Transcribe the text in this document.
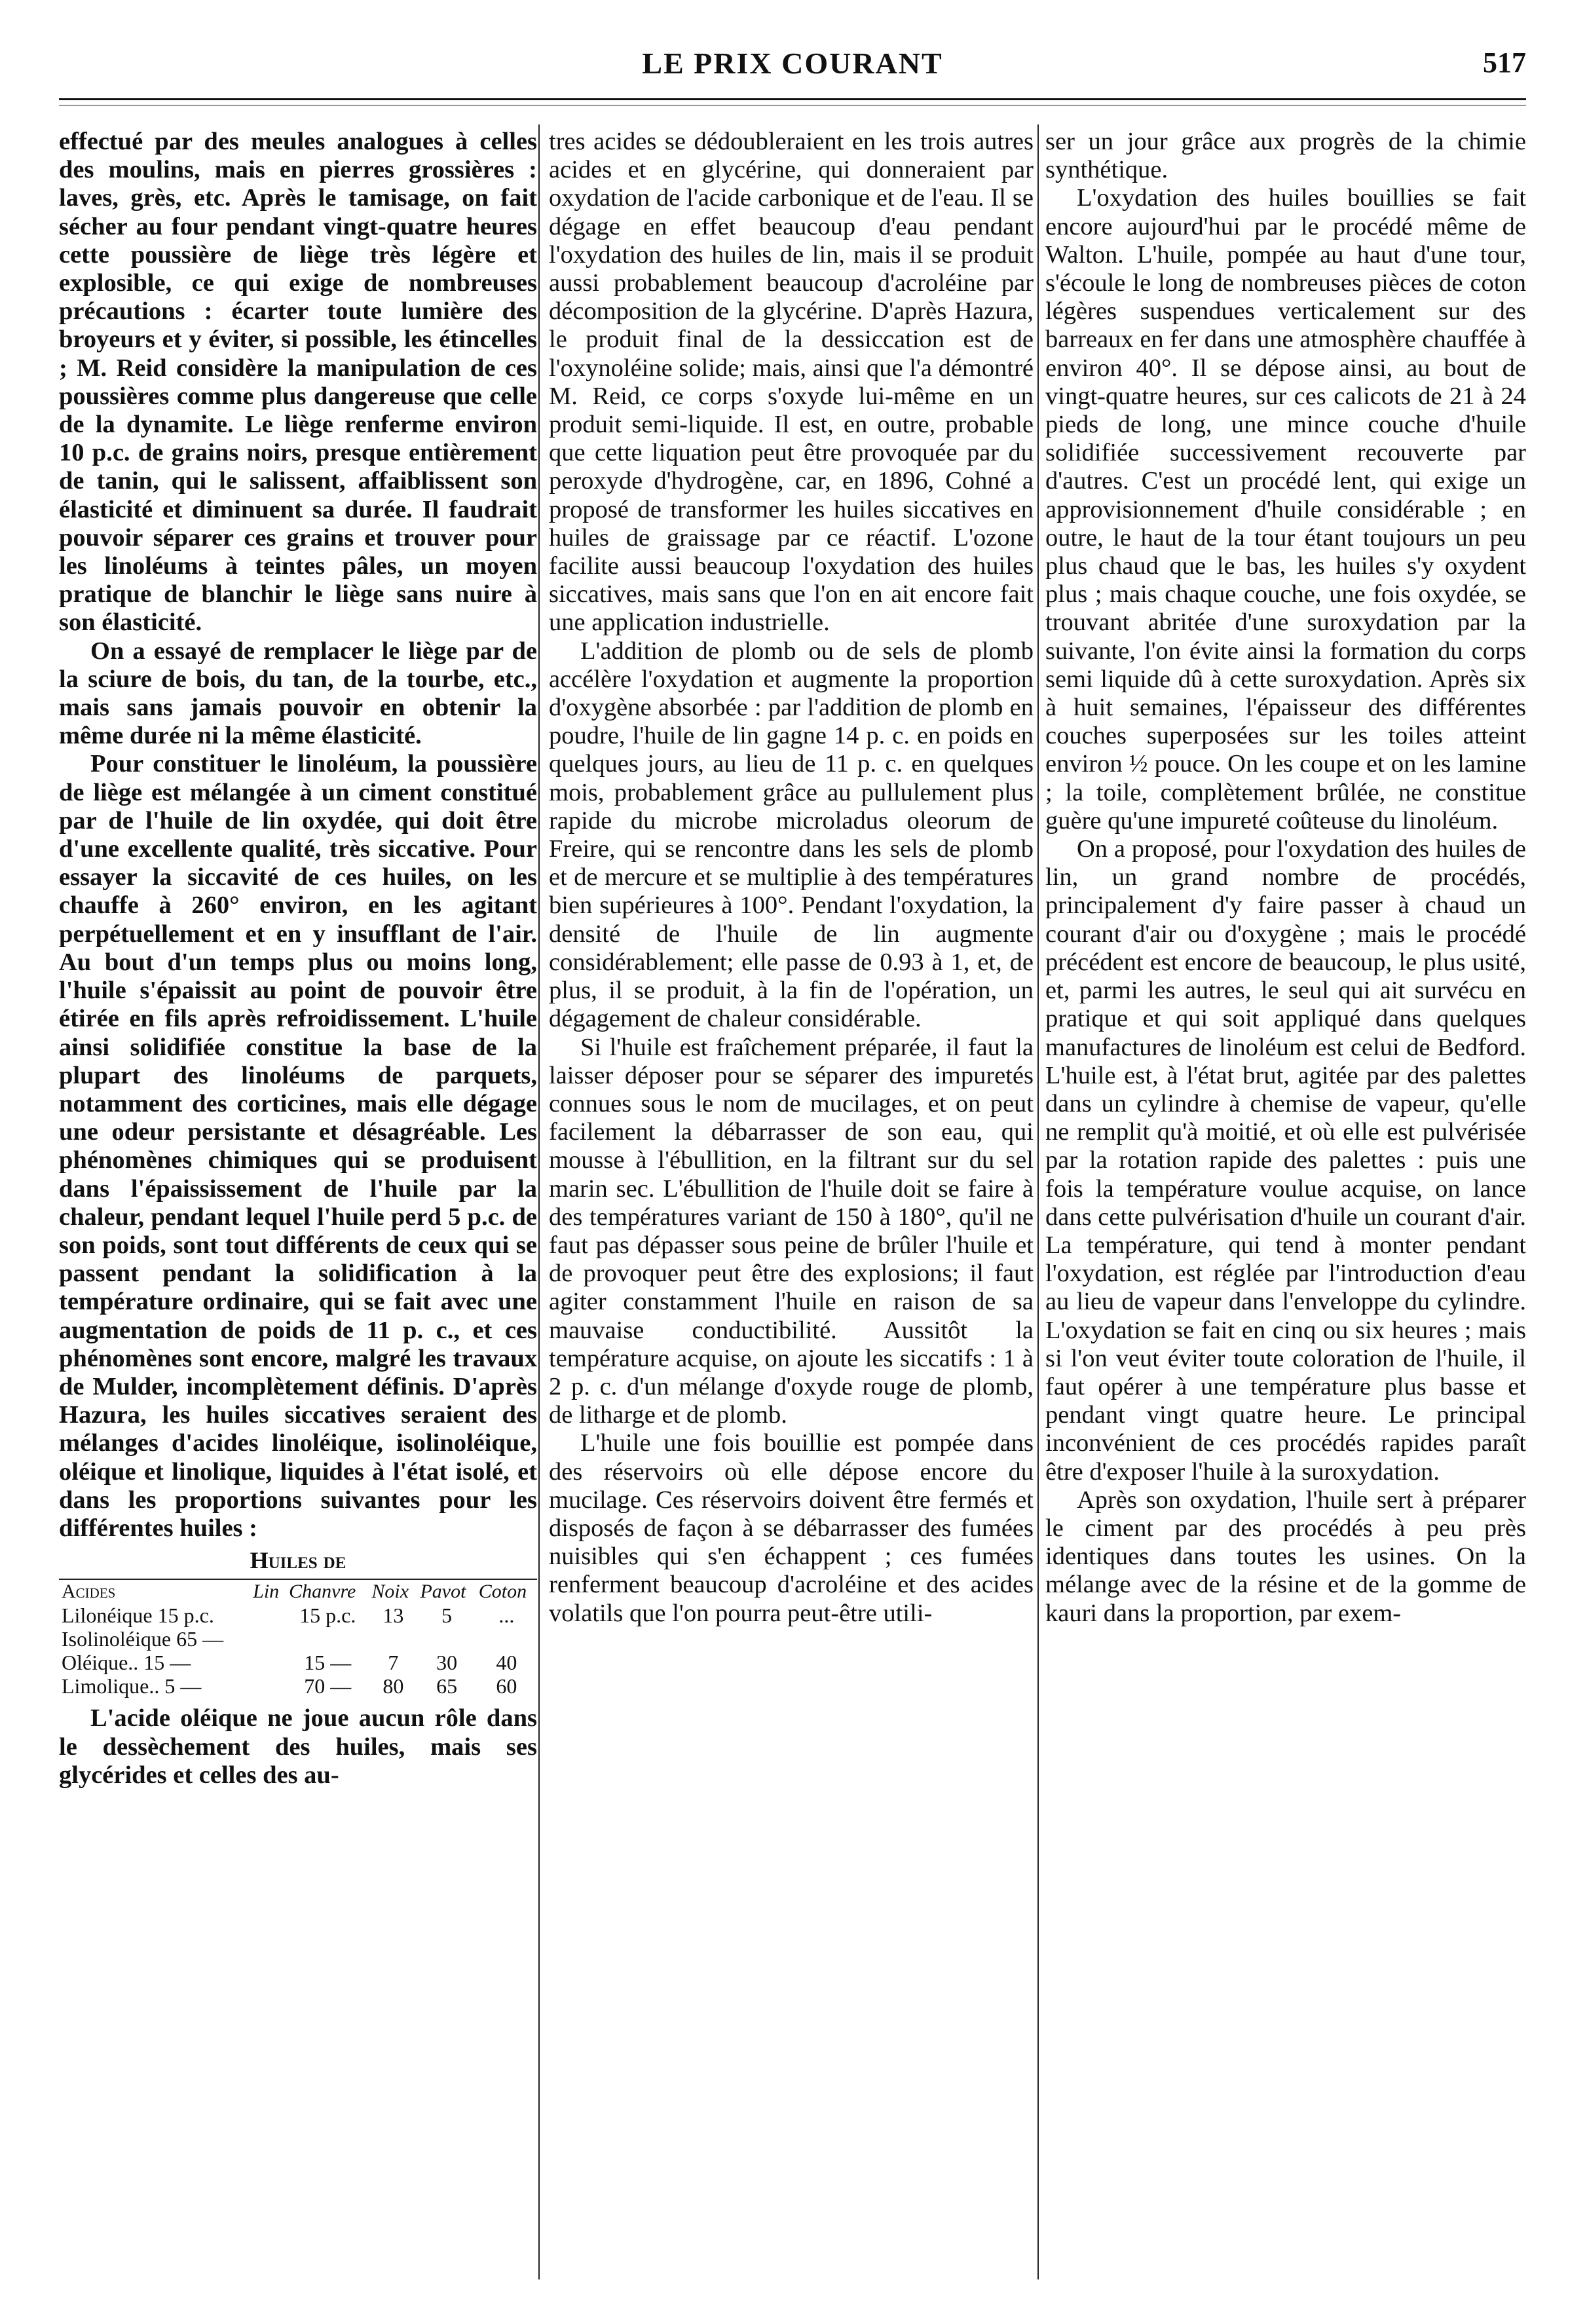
LE PRIX COURANT	517

effectué par des meules analogues à celles des moulins, mais en pierres grossières : laves, grès, etc. Après le tamisage, on fait sécher au four pendant vingt-quatre heures cette poussière de liège très légère et explosible, ce qui exige de nombreuses précautions : écarter toute lumière des broyeurs et y éviter, si possible, les étincelles ; M. Reid considère la manipulation de ces poussières comme plus dangereuse que celle de la dynamite. Le liège renferme environ 10 p.c. de grains noirs, presque entièrement de tanin, qui le salissent, affaiblissent son élasticité et diminuent sa durée. Il faudrait pouvoir séparer ces grains et trouver pour les linoléums à teintes pâles, un moyen pratique de blanchir le liège sans nuire à son élasticité.

On a essayé de remplacer le liège par de la sciure de bois, du tan, de la tourbe, etc., mais sans jamais pouvoir en obtenir la même durée ni la même élasticité.

Pour constituer le linoléum, la poussière de liège est mélangée à un ciment constitué par de l'huile de lin oxydée, qui doit être d'une excellente qualité, très siccative. Pour essayer la siccavité de ces huiles, on les chauffe à 260° environ, en les agitant perpétuellement et en y insufflant de l'air. Au bout d'un temps plus ou moins long, l'huile s'épaissit au point de pouvoir être étirée en fils après refroidissement. L'huile ainsi solidifiée constitue la base de la plupart des linoléums de parquets, notamment des corticines, mais elle dégage une odeur persistante et désagréable. Les phénomènes chimiques qui se produisent dans l'épaississement de l'huile par la chaleur, pendant lequel l'huile perd 5 p.c. de son poids, sont tout différents de ceux qui se passent pendant la solidification à la température ordinaire, qui se fait avec une augmentation de poids de 11 p. c., et ces phénomènes sont encore, malgré les travaux de Mulder, incomplètement définis. D'après Hazura, les huiles siccatives seraient des mélanges d'acides linoléique, isolinoléique, oléique et linolique, liquides à l'état isolé, et dans les proportions suivantes pour les différentes huiles :

Huiles de
Acides	Lin	Chanvre	Noix	Pavot	Coton
Lilonéique 15 p.c.		15 p.c.	13	5	...
Isolinoléique 65 —					
Oléique.. 15 —		15 —	7	30	40
Limolique.. 5 —		70 —	80	65	60

L'acide oléique ne joue aucun rôle dans le dessèchement des huiles, mais ses glycérides et celles des au-

tres acides se dédoubleraient en les trois autres acides et en glycérine, qui donneraient par oxydation de l'acide carbonique et de l'eau. Il se dégage en effet beaucoup d'eau pendant l'oxydation des huiles de lin, mais il se produit aussi probablement beaucoup d'acroléine par décomposition de la glycérine. D'après Hazura, le produit final de la dessiccation est de l'oxynoléine solide; mais, ainsi que l'a démontré M. Reid, ce corps s'oxyde lui-même en un produit semi-liquide. Il est, en outre, probable que cette liquation peut être provoquée par du peroxyde d'hydrogène, car, en 1896, Cohné a proposé de transformer les huiles siccatives en huiles de graissage par ce réactif. L'ozone facilite aussi beaucoup l'oxydation des huiles siccatives, mais sans que l'on en ait encore fait une application industrielle.

L'addition de plomb ou de sels de plomb accélère l'oxydation et augmente la proportion d'oxygène absorbée : par l'addition de plomb en poudre, l'huile de lin gagne 14 p. c. en poids en quelques jours, au lieu de 11 p. c. en quelques mois, probablement grâce au pullulement plus rapide du microbe microladus oleorum de Freire, qui se rencontre dans les sels de plomb et de mercure et se multiplie à des températures bien supérieures à 100°. Pendant l'oxydation, la densité de l'huile de lin augmente considérablement; elle passe de 0.93 à 1, et, de plus, il se produit, à la fin de l'opération, un dégagement de chaleur considérable.

Si l'huile est fraîchement préparée, il faut la laisser déposer pour se séparer des impuretés connues sous le nom de mucilages, et on peut facilement la débarrasser de son eau, qui mousse à l'ébullition, en la filtrant sur du sel marin sec. L'ébullition de l'huile doit se faire à des températures variant de 150 à 180°, qu'il ne faut pas dépasser sous peine de brûler l'huile et de provoquer peut être des explosions; il faut agiter constamment l'huile en raison de sa mauvaise conductibilité. Aussitôt la température acquise, on ajoute les siccatifs : 1 à 2 p. c. d'un mélange d'oxyde rouge de plomb, de litharge et de plomb.

L'huile une fois bouillie est pompée dans des réservoirs où elle dépose encore du mucilage. Ces réservoirs doivent être fermés et disposés de façon à se débarrasser des fumées nuisibles qui s'en échappent ; ces fumées renferment beaucoup d'acroléine et des acides volatils que l'on pourra peut-être utili-

ser un jour grâce aux progrès de la chimie synthétique.

L'oxydation des huiles bouillies se fait encore aujourd'hui par le procédé même de Walton. L'huile, pompée au haut d'une tour, s'écoule le long de nombreuses pièces de coton légères suspendues verticalement sur des barreaux en fer dans une atmosphère chauffée à environ 40°. Il se dépose ainsi, au bout de vingt-quatre heures, sur ces calicots de 21 à 24 pieds de long, une mince couche d'huile solidifiée successivement recouverte par d'autres. C'est un procédé lent, qui exige un approvisionnement d'huile considérable ; en outre, le haut de la tour étant toujours un peu plus chaud que le bas, les huiles s'y oxydent plus ; mais chaque couche, une fois oxydée, se trouvant abritée d'une suroxydation par la suivante, l'on évite ainsi la formation du corps semi liquide dû à cette suroxydation. Après six à huit semaines, l'épaisseur des différentes couches superposées sur les toiles atteint environ ½ pouce. On les coupe et on les lamine ; la toile, complètement brûlée, ne constitue guère qu'une impureté coûteuse du linoléum.

On a proposé, pour l'oxydation des huiles de lin, un grand nombre de procédés, principalement d'y faire passer à chaud un courant d'air ou d'oxygène ; mais le procédé précédent est encore de beaucoup, le plus usité, et, parmi les autres, le seul qui ait survécu en pratique et qui soit appliqué dans quelques manufactures de linoléum est celui de Bedford. L'huile est, à l'état brut, agitée par des palettes dans un cylindre à chemise de vapeur, qu'elle ne remplit qu'à moitié, et où elle est pulvérisée par la rotation rapide des palettes : puis une fois la température voulue acquise, on lance dans cette pulvérisation d'huile un courant d'air. La température, qui tend à monter pendant l'oxydation, est réglée par l'introduction d'eau au lieu de vapeur dans l'enveloppe du cylindre. L'oxydation se fait en cinq ou six heures ; mais si l'on veut éviter toute coloration de l'huile, il faut opérer à une température plus basse et pendant vingt quatre heure. Le principal inconvénient de ces procédés rapides paraît être d'exposer l'huile à la suroxydation.

Après son oxydation, l'huile sert à préparer le ciment par des procédés à peu près identiques dans toutes les usines. On la mélange avec de la résine et de la gomme de kauri dans la proportion, par exem-
